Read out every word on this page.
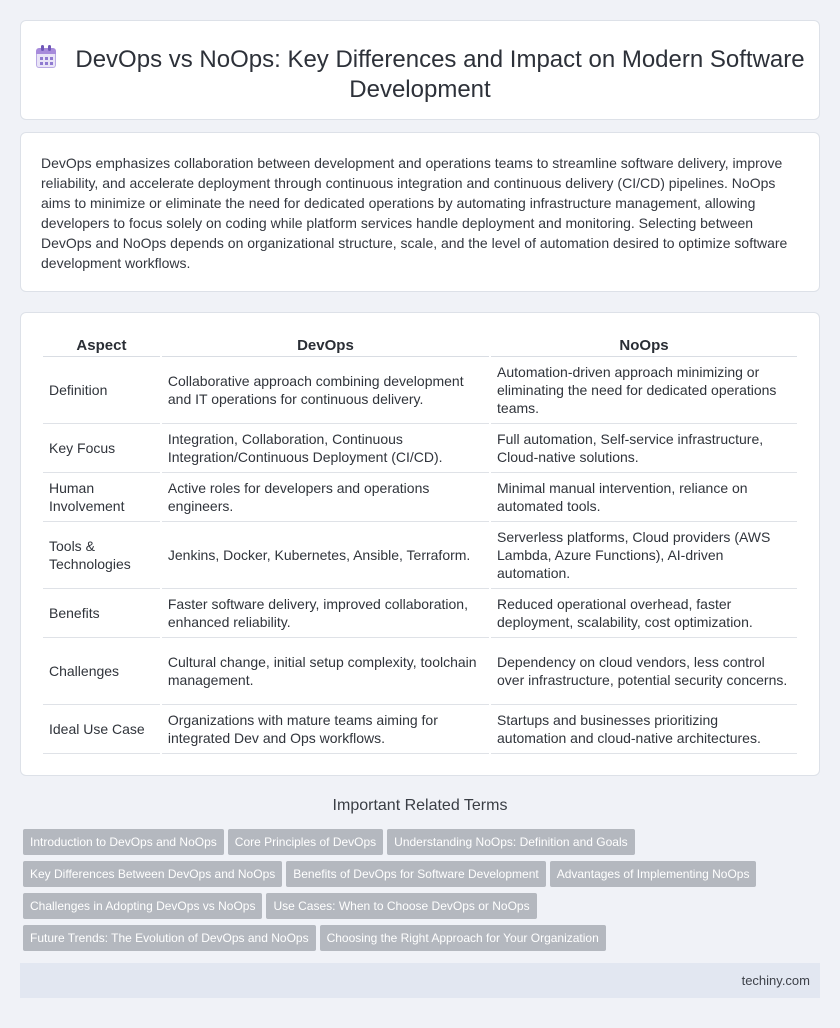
DevOps vs NoOps: Key Differences and Impact on Modern Software Development

DevOps emphasizes collaboration between development and operations teams to streamline software delivery, improve reliability, and accelerate deployment through continuous integration and continuous delivery (CI/CD) pipelines. NoOps aims to minimize or eliminate the need for dedicated operations by automating infrastructure management, allowing developers to focus solely on coding while platform services handle deployment and monitoring. Selecting between DevOps and NoOps depends on organizational structure, scale, and the level of automation desired to optimize software development workflows.

Aspect	DevOps	NoOps
Definition	Collaborative approach combining development and IT operations for continuous delivery.	Automation-driven approach minimizing or eliminating the need for dedicated operations teams.
Key Focus	Integration, Collaboration, Continuous Integration/Continuous Deployment (CI/CD).	Full automation, Self-service infrastructure, Cloud-native solutions.
Human Involvement	Active roles for developers and operations engineers.	Minimal manual intervention, reliance on automated tools.
Tools & Technologies	Jenkins, Docker, Kubernetes, Ansible, Terraform.	Serverless platforms, Cloud providers (AWS Lambda, Azure Functions), AI-driven automation.
Benefits	Faster software delivery, improved collaboration, enhanced reliability.	Reduced operational overhead, faster deployment, scalability, cost optimization.
Challenges	Cultural change, initial setup complexity, toolchain management.	Dependency on cloud vendors, less control over infrastructure, potential security concerns.
Ideal Use Case	Organizations with mature teams aiming for integrated Dev and Ops workflows.	Startups and businesses prioritizing automation and cloud-native architectures.
Important Related Terms
Introduction to DevOps and NoOps Core Principles of DevOps Understanding NoOps: Definition and Goals
Key Differences Between DevOps and NoOps Benefits of DevOps for Software Development Advantages of Implementing NoOps
Challenges in Adopting DevOps vs NoOps Use Cases: When to Choose DevOps or NoOps
Future Trends: The Evolution of DevOps and NoOps Choosing the Right Approach for Your Organization
techiny.com
